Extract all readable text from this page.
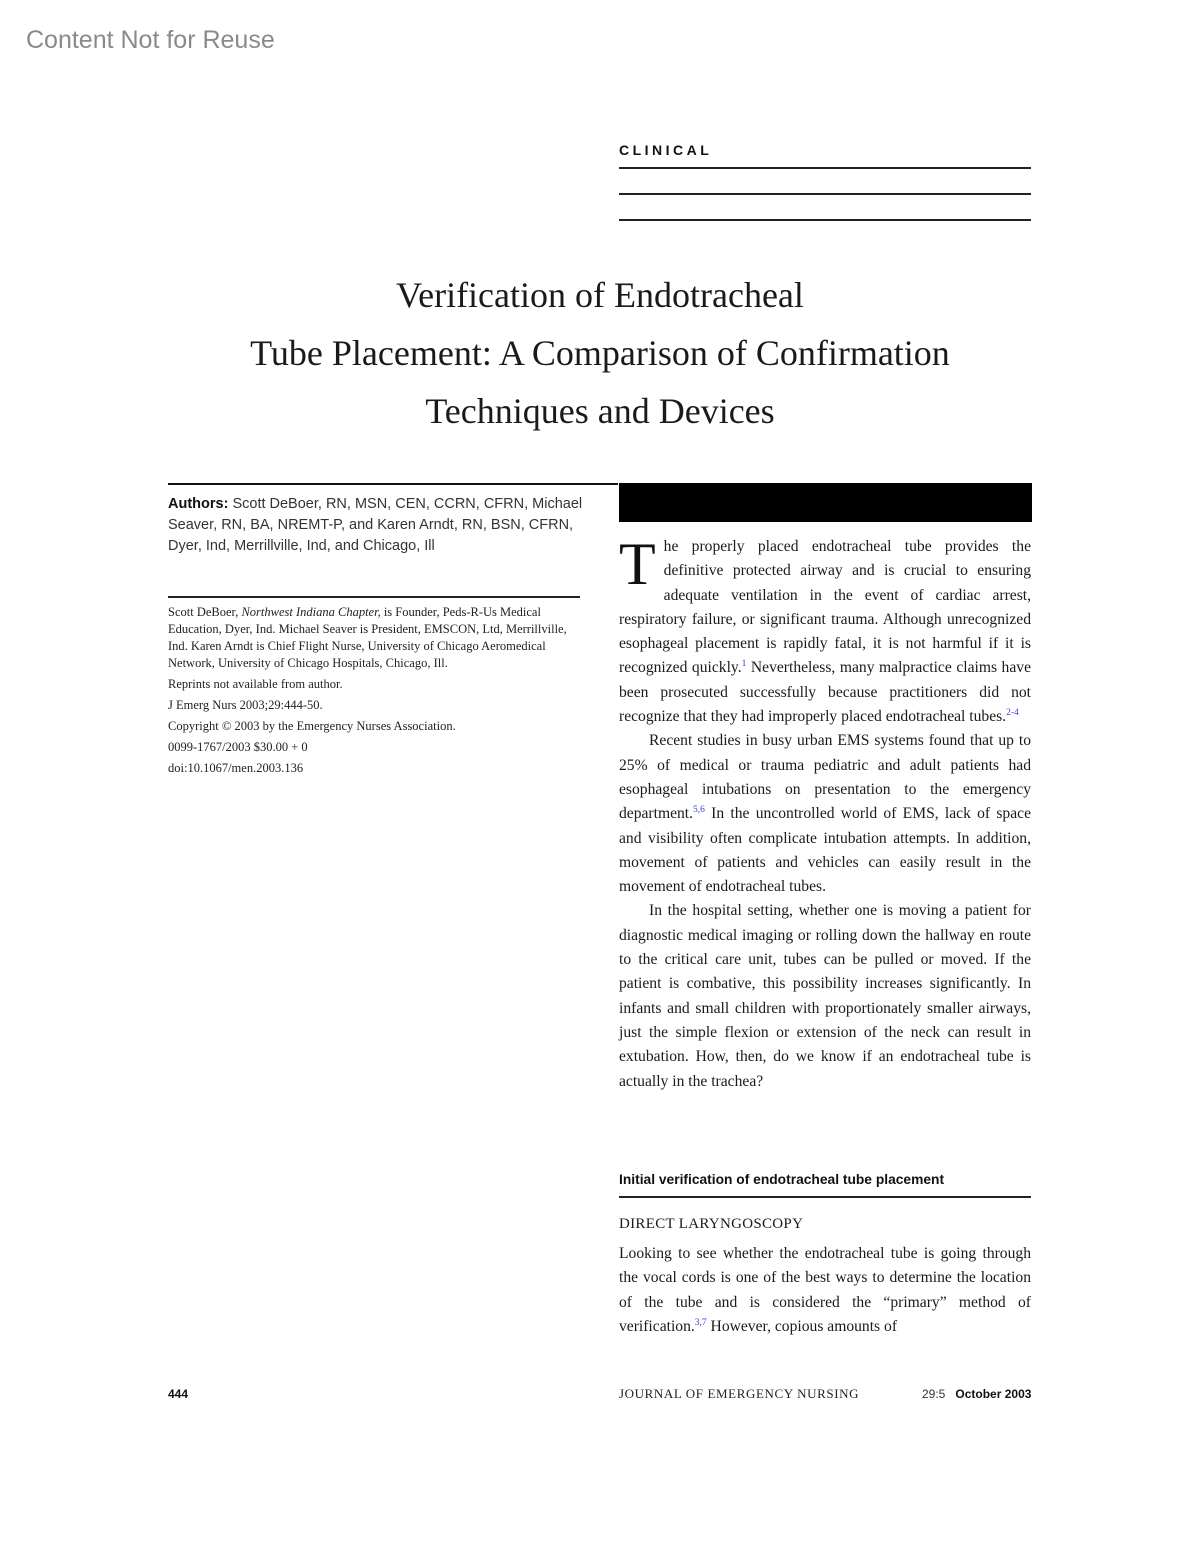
Content Not for Reuse
CLINICAL
Verification of Endotracheal
Tube Placement: A Comparison of Confirmation
Techniques and Devices
Authors: Scott DeBoer, RN, MSN, CEN, CCRN, CFRN, Michael Seaver, RN, BA, NREMT-P, and Karen Arndt, RN, BSN, CFRN, Dyer, Ind, Merrillville, Ind, and Chicago, Ill

Scott DeBoer, Northwest Indiana Chapter, is Founder, Peds-R-Us Medical Education, Dyer, Ind. Michael Seaver is President, EMSCON, Ltd, Merrillville, Ind. Karen Arndt is Chief Flight Nurse, University of Chicago Aeromedical Network, University of Chicago Hospitals, Chicago, Ill.

Reprints not available from author.

J Emerg Nurs 2003;29:444-50.

Copyright © 2003 by the Emergency Nurses Association.

0099-1767/2003 $30.00 + 0

doi:10.1067/men.2003.136

The properly placed endotracheal tube provides the definitive protected airway and is crucial to ensuring adequate ventilation in the event of cardiac arrest, respiratory failure, or significant trauma. Although unrecognized esophageal placement is rapidly fatal, it is not harmful if it is recognized quickly.$^1$ Nevertheless, many malpractice claims have been prosecuted successfully because practitioners did not recognize that they had improperly placed endotracheal tubes.$^{2-4}$

Recent studies in busy urban EMS systems found that up to 25% of medical or trauma pediatric and adult patients had esophageal intubations on presentation to the emergency department.$^{5,6}$ In the uncontrolled world of EMS, lack of space and visibility often complicate intubation attempts. In addition, movement of patients and vehicles can easily result in the movement of endotracheal tubes.

In the hospital setting, whether one is moving a patient for diagnostic medical imaging or rolling down the hallway en route to the critical care unit, tubes can be pulled or moved. If the patient is combative, this possibility increases significantly. In infants and small children with proportionately smaller airways, just the simple flexion or extension of the neck can result in extubation. How, then, do we know if an endotracheal tube is actually in the trachea?

Initial verification of endotracheal tube placement
DIRECT LARYNGOSCOPY

Looking to see whether the endotracheal tube is going through the vocal cords is one of the best ways to determine the location of the tube and is considered the “primary” method of verification.$^{3,7}$ However, copious amounts of

444	JOURNAL OF EMERGENCY NURSING	29:5 October 2003
